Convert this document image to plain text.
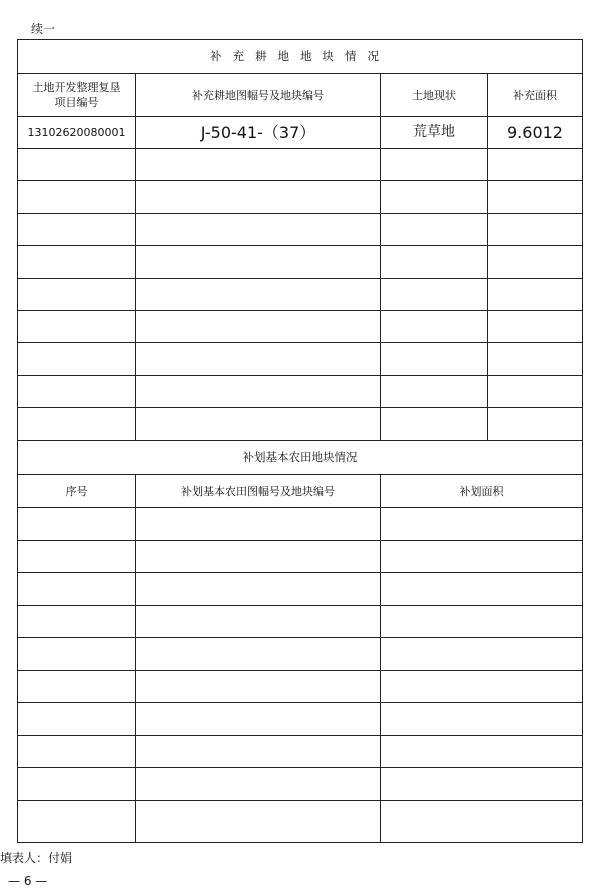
续一
补充耕地地块情况			
土地开发整理复垦
项目编号	补充耕地图幅号及地块编号	土地现状	补充面积
13102620080001	J-50-41-（37）	荒草地	9.6012

补划基本农田地块情况		
序号	补划基本农田图幅号及地块编号	补划面积

填表人：付娟
— 6 —
